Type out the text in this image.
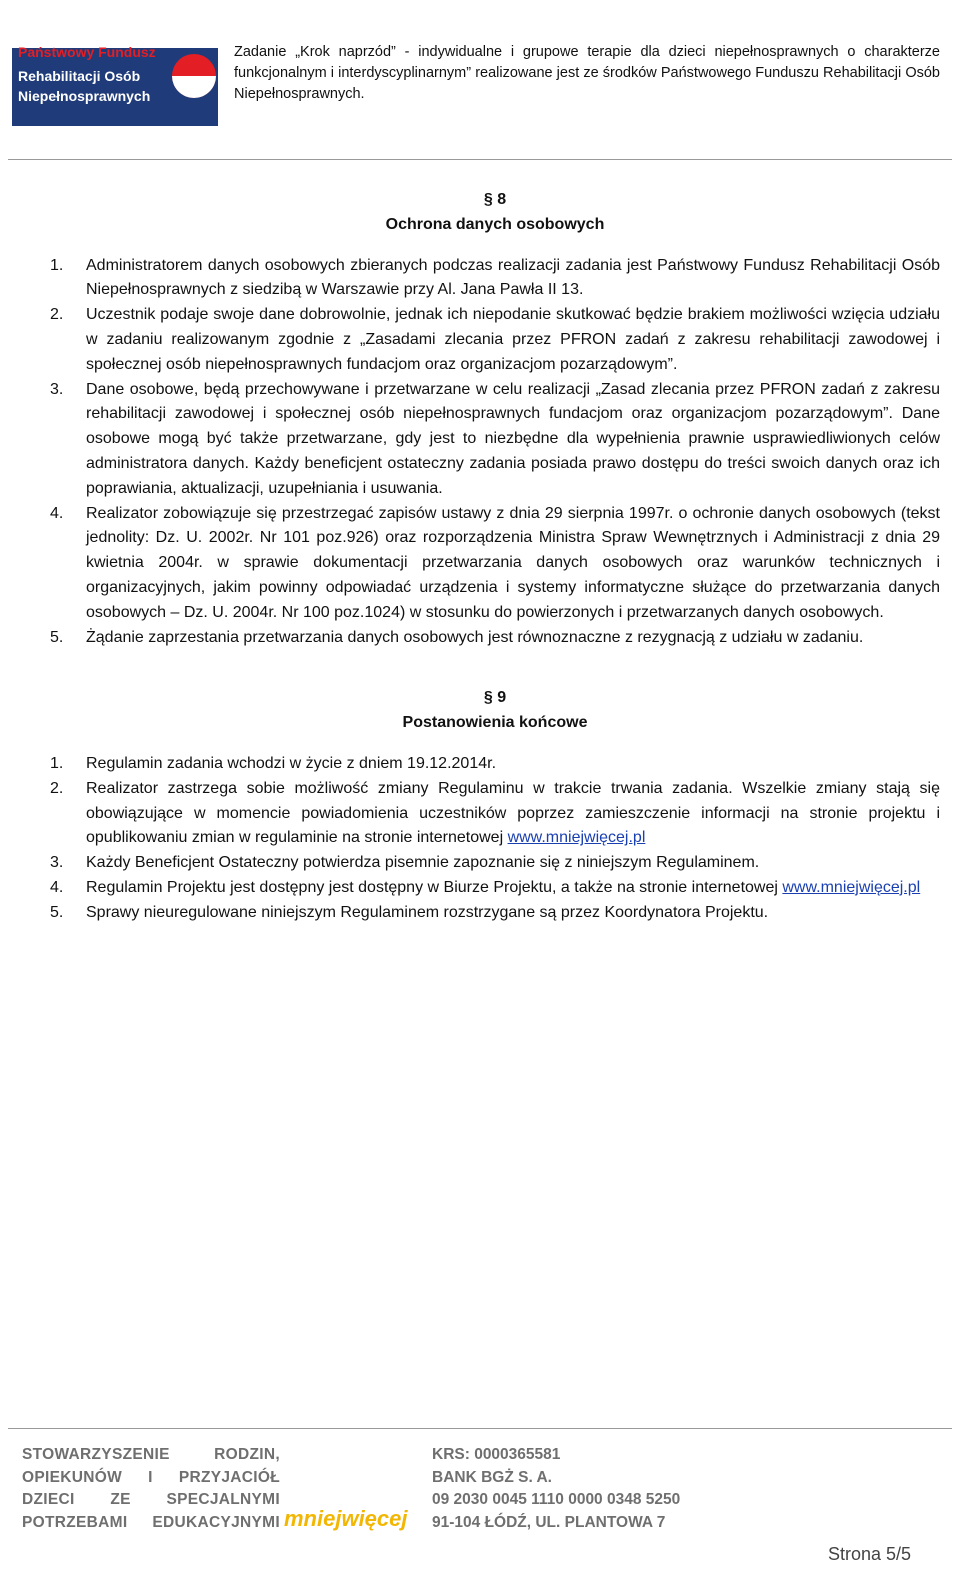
Państwowy Fundusz
Rehabilitacji Osób
Niepełnosprawnych
Zadanie „Krok naprzód” - indywidualne i grupowe terapie dla dzieci niepełnosprawnych o charakterze funkcjonalnym i interdyscyplinarnym” realizowane jest ze środków Państwowego Funduszu Rehabilitacji Osób Niepełnosprawnych.
§ 8
Ochrona danych osobowych
1. Administratorem danych osobowych zbieranych podczas realizacji zadania jest Państwowy Fundusz Rehabilitacji Osób Niepełnosprawnych z siedzibą w Warszawie przy Al. Jana Pawła II 13.
2. Uczestnik podaje swoje dane dobrowolnie, jednak ich niepodanie skutkować będzie brakiem możliwości wzięcia udziału w zadaniu realizowanym zgodnie z „Zasadami zlecania przez PFRON zadań z zakresu rehabilitacji zawodowej i społecznej osób niepełnosprawnych fundacjom oraz organizacjom pozarządowym”.
3. Dane osobowe, będą przechowywane i przetwarzane w celu realizacji „Zasad zlecania przez PFRON zadań z zakresu rehabilitacji zawodowej i społecznej osób niepełnosprawnych fundacjom oraz organizacjom pozarządowym”. Dane osobowe mogą być także przetwarzane, gdy jest to niezbędne dla wypełnienia prawnie usprawiedliwionych celów administratora danych. Każdy beneficjent ostateczny zadania posiada prawo dostępu do treści swoich danych oraz ich poprawiania, aktualizacji, uzupełniania i usuwania.
4. Realizator zobowiązuje się przestrzegać zapisów ustawy z dnia 29 sierpnia 1997r. o ochronie danych osobowych (tekst jednolity: Dz. U. 2002r. Nr 101 poz.926) oraz rozporządzenia Ministra Spraw Wewnętrznych i Administracji z dnia 29 kwietnia 2004r. w sprawie dokumentacji przetwarzania danych osobowych oraz warunków technicznych i organizacyjnych, jakim powinny odpowiadać urządzenia i systemy informatyczne służące do przetwarzania danych osobowych – Dz. U. 2004r. Nr 100 poz.1024) w stosunku do powierzonych i przetwarzanych danych osobowych.
5. Żądanie zaprzestania przetwarzania danych osobowych jest równoznaczne z rezygnacją z udziału w zadaniu.
§ 9
Postanowienia końcowe
1. Regulamin zadania wchodzi w życie z dniem 19.12.2014r.
2. Realizator zastrzega sobie możliwość zmiany Regulaminu w trakcie trwania zadania. Wszelkie zmiany stają się obowiązujące w momencie powiadomienia uczestników poprzez zamieszczenie informacji na stronie projektu i opublikowaniu zmian w regulaminie na stronie internetowej www.mniejwięcej.pl
3. Każdy Beneficjent Ostateczny potwierdza pisemnie zapoznanie się z niniejszym Regulaminem.
4. Regulamin Projektu jest dostępny jest dostępny w Biurze Projektu, a także na stronie internetowej www.mniejwięcej.pl
5. Sprawy nieuregulowane niniejszym Regulaminem rozstrzygane są przez Koordynatora Projektu.
STOWARZYSZENIE	RODZIN,
OPIEKUNÓW I PRZYJACIÓŁ
DZIECI ZE SPECJALNYMI
POTRZEBAMI EDUKACYJNYMI mniejwięcej
KRS: 0000365581
BANK BGŻ S. A.
09 2030 0045 1110 0000 0348 5250
91-104 ŁÓDŹ, UL. PLANTOWA 7
Strona 5/5
